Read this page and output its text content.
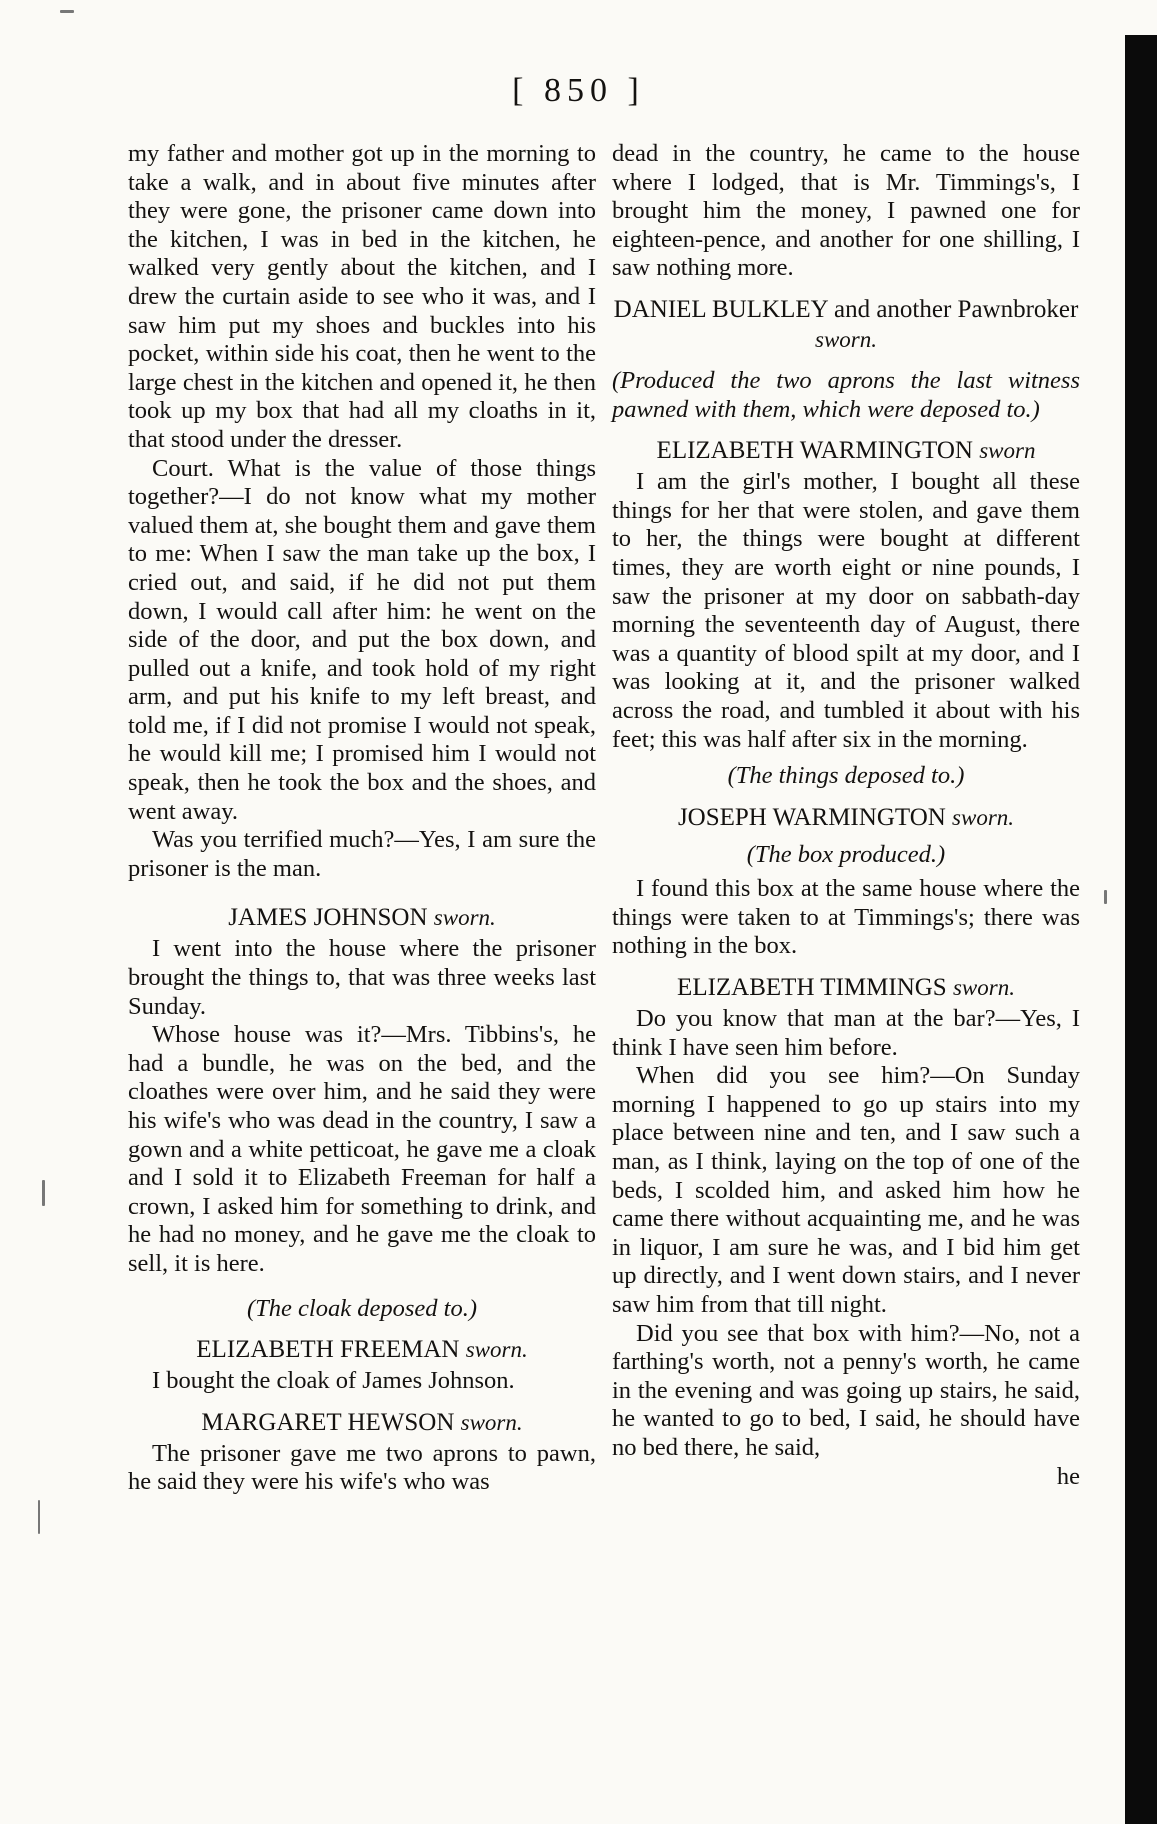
[ 850 ]

my father and mother got up in the morning to take a walk, and in about five minutes after they were gone, the prisoner came down into the kitchen, I was in bed in the kitchen, he walked very gently about the kitchen, and I drew the curtain aside to see who it was, and I saw him put my shoes and buckles into his pocket, within side his coat, then he went to the large chest in the kitchen and opened it, he then took up my box that had all my cloaths in it, that stood under the dresser.

Court. What is the value of those things together?—I do not know what my mother valued them at, she bought them and gave them to me: When I saw the man take up the box, I cried out, and said, if he did not put them down, I would call after him: he went on the side of the door, and put the box down, and pulled out a knife, and took hold of my right arm, and put his knife to my left breast, and told me, if I did not promise I would not speak, he would kill me; I promised him I would not speak, then he took the box and the shoes, and went away.

Was you terrified much?—Yes, I am sure the prisoner is the man.

JAMES JOHNSON sworn.

I went into the house where the prisoner brought the things to, that was three weeks last Sunday.

Whose house was it?—Mrs. Tibbins's, he had a bundle, he was on the bed, and the cloathes were over him, and he said they were his wife's who was dead in the country, I saw a gown and a white petticoat, he gave me a cloak and I sold it to Elizabeth Freeman for half a crown, I asked him for something to drink, and he had no money, and he gave me the cloak to sell, it is here.

(The cloak deposed to.)
ELIZABETH FREEMAN sworn.

I bought the cloak of James Johnson.

MARGARET HEWSON sworn.

The prisoner gave me two aprons to pawn, he said they were his wife's who was

dead in the country, he came to the house where I lodged, that is Mr. Timmings's, I brought him the money, I pawned one for eighteen-pence, and another for one shilling, I saw nothing more.

DANIEL BULKLEY and another Pawnbroker sworn.
(Produced the two aprons the last witness pawned with them, which were deposed to.)
ELIZABETH WARMINGTON sworn

I am the girl's mother, I bought all these things for her that were stolen, and gave them to her, the things were bought at different times, they are worth eight or nine pounds, I saw the prisoner at my door on sabbath-day morning the seventeenth day of August, there was a quantity of blood spilt at my door, and I was looking at it, and the prisoner walked across the road, and tumbled it about with his feet; this was half after six in the morning.

(The things deposed to.)
JOSEPH WARMINGTON sworn.
(The box produced.)

I found this box at the same house where the things were taken to at Timmings's; there was nothing in the box.

ELIZABETH TIMMINGS sworn.

Do you know that man at the bar?—Yes, I think I have seen him before.

When did you see him?—On Sunday morning I happened to go up stairs into my place between nine and ten, and I saw such a man, as I think, laying on the top of one of the beds, I scolded him, and asked him how he came there without acquainting me, and he was in liquor, I am sure he was, and I bid him get up directly, and I went down stairs, and I never saw him from that till night.

Did you see that box with him?—No, not a farthing's worth, not a penny's worth, he came in the evening and was going up stairs, he said, he wanted to go to bed, I said, he should have no bed there, he said,

he
